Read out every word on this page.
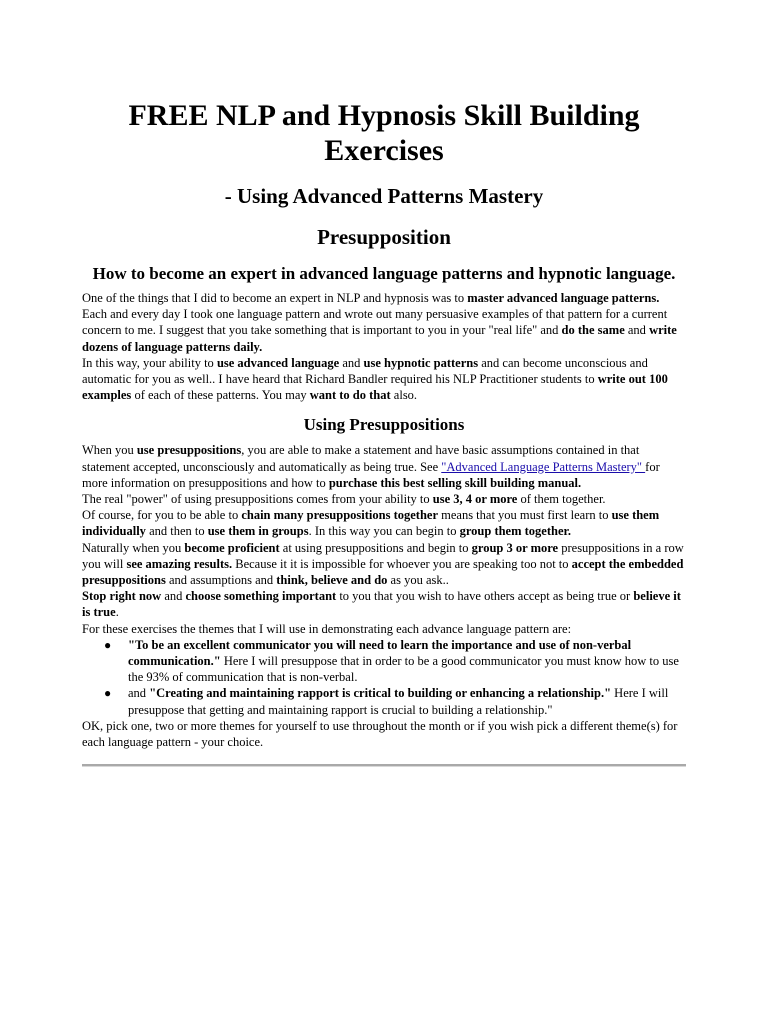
FREE NLP and Hypnosis Skill Building Exercises
- Using Advanced Patterns Mastery
Presupposition
How to become an expert in advanced language patterns and hypnotic language.

One of the things that I did to become an expert in NLP and hypnosis was to master advanced language patterns. Each and every day I took one language pattern and wrote out many persuasive examples of that pattern for a current concern to me. I suggest that you take something that is important to you in your "real life" and do the same and write dozens of language patterns daily.

In this way, your ability to use advanced language and use hypnotic patterns and can become unconscious and automatic for you as well.. I have heard that Richard Bandler required his NLP Practitioner students to write out 100 examples of each of these patterns. You may want to do that also.

Using Presuppositions

When you use presuppositions, you are able to make a statement and have basic assumptions contained in that statement accepted, unconsciously and automatically as being true. See "Advanced Language Patterns Mastery" for more information on presuppositions and how to purchase this best selling skill building manual.

The real "power" of using presuppositions comes from your ability to use 3, 4 or more of them together.

Of course, for you to be able to chain many presuppositions together means that you must first learn to use them individually and then to use them in groups. In this way you can begin to group them together.

Naturally when you become proficient at using presuppositions and begin to group 3 or more presuppositions in a row you will see amazing results. Because it it is impossible for whoever you are speaking too not to accept the embedded presuppositions and assumptions and think, believe and do as you ask..

Stop right now and choose something important to you that you wish to have others accept as being true or believe it is true.

For these exercises the themes that I will use in demonstrating each advance language pattern are:

● "To be an excellent communicator you will need to learn the importance and use of non-verbal communication." Here I will presuppose that in order to be a good communicator you must know how to use the 93% of communication that is non-verbal.
● and "Creating and maintaining rapport is critical to building or enhancing a relationship." Here I will presuppose that getting and maintaining rapport is crucial to building a relationship."

OK, pick one, two or more themes for yourself to use throughout the month or if you wish pick a different theme(s) for each language pattern - your choice.
